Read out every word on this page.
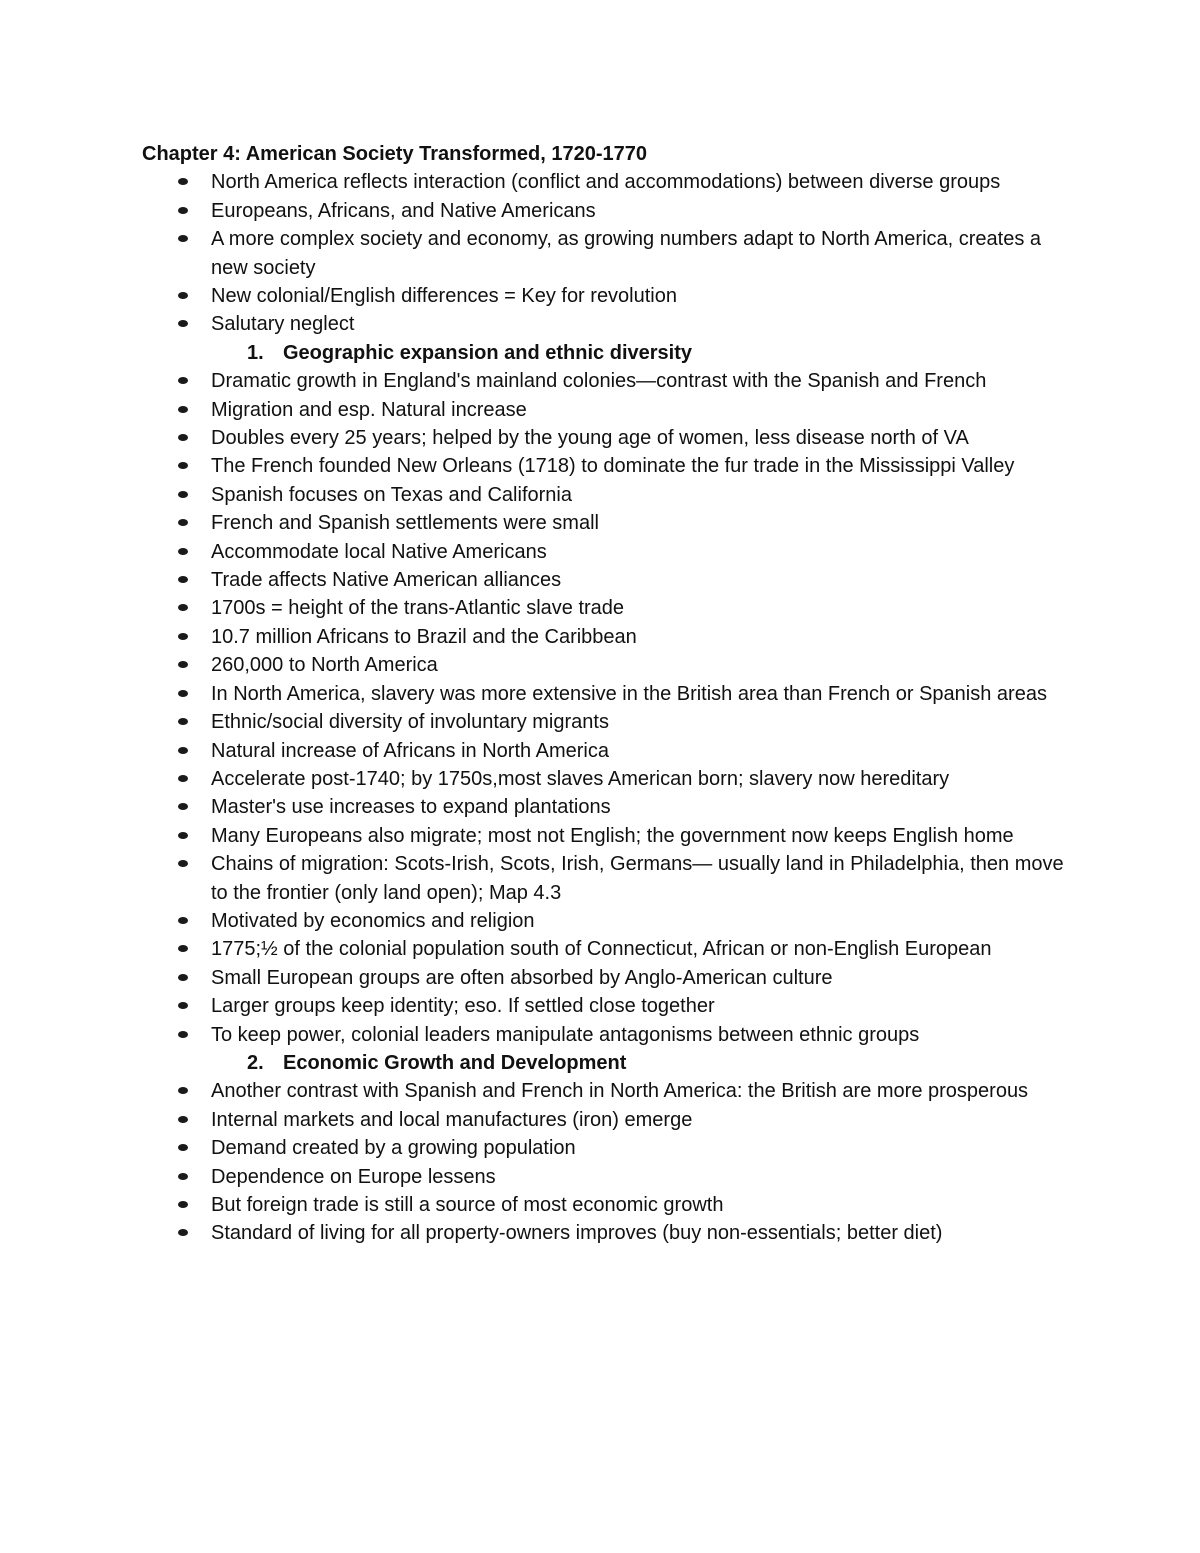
Chapter 4: American Society Transformed, 1720-1770
North America reflects interaction (conflict and accommodations) between diverse groups
Europeans, Africans, and Native Americans
A more complex society and economy, as growing numbers adapt to North America, creates a new society
New colonial/English differences = Key for revolution
Salutary neglect
1. Geographic expansion and ethnic diversity
Dramatic growth in England's mainland colonies—contrast with the Spanish and French
Migration and esp. Natural increase
Doubles every 25 years; helped by the young age of women, less disease north of VA
The French founded New Orleans (1718) to dominate the fur trade in the Mississippi Valley
Spanish focuses on Texas and California
French and Spanish settlements were small
Accommodate local Native Americans
Trade affects Native American alliances
1700s = height of the trans-Atlantic slave trade
10.7 million Africans to Brazil and the Caribbean
260,000 to North America
In North America, slavery was more extensive in the British area than French or Spanish areas
Ethnic/social diversity of involuntary migrants
Natural increase of Africans in North America
Accelerate post-1740; by 1750s,most slaves American born; slavery now hereditary
Master's use increases to expand plantations
Many Europeans also migrate; most not English; the government now keeps English home
Chains of migration: Scots-Irish, Scots, Irish, Germans— usually land in Philadelphia, then move to the frontier (only land open); Map 4.3
Motivated by economics and religion
1775;½ of the colonial population south of Connecticut, African or non-English European
Small European groups are often absorbed by Anglo-American culture
Larger groups keep identity; eso. If settled close together
To keep power, colonial leaders manipulate antagonisms between ethnic groups
2. Economic Growth and Development
Another contrast with Spanish and French in North America: the British are more prosperous
Internal markets and local manufactures (iron) emerge
Demand created by a growing population
Dependence on Europe lessens
But foreign trade is still a source of most economic growth
Standard of living for all property-owners improves (buy non-essentials; better diet)
